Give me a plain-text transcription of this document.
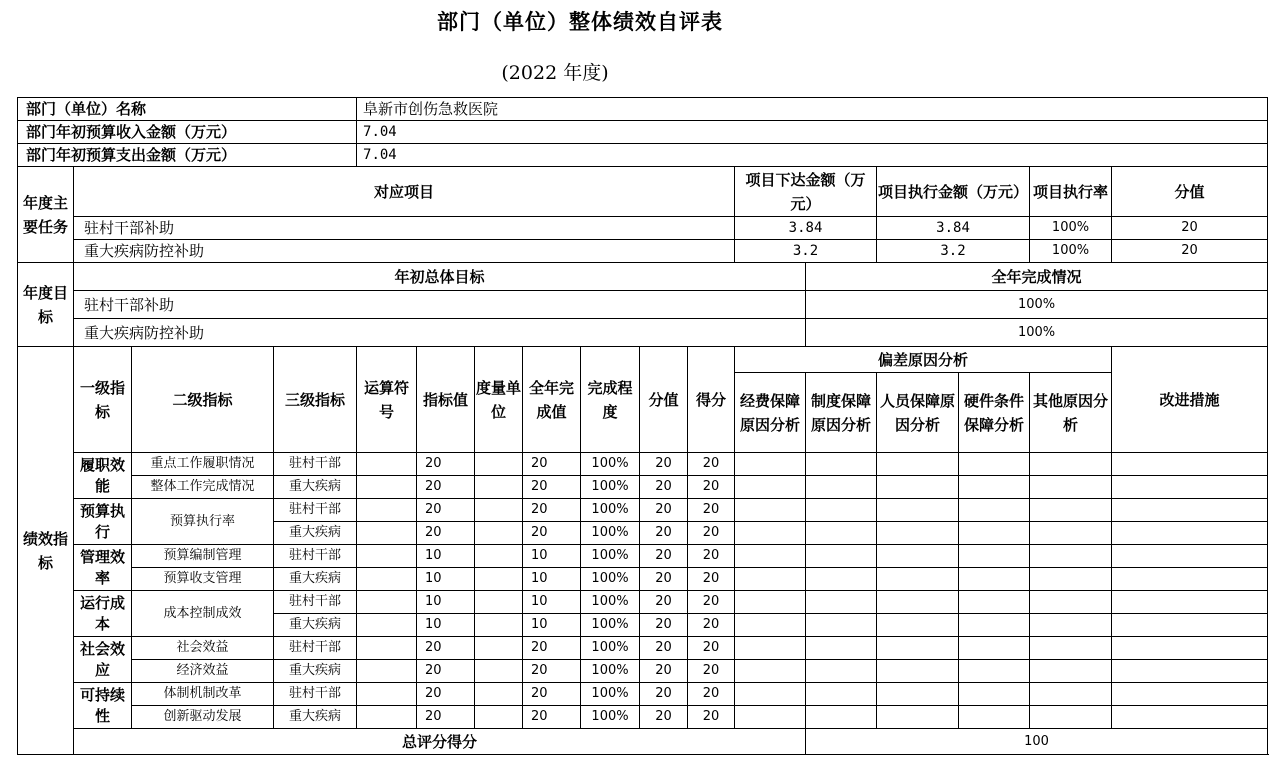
部门（单位）整体绩效自评表
(2022 年度)
部门（单位）名称				阜新市创伤急救医院													
部门年初预算收入金额（万元）				7.04													
部门年初预算支出金额（万元）				7.04													
年度主要任务	对应项目										项目下达金额（万元）		项目执行金额（万元）		项目执行率	分值	
	驻村干部补助										3.84		3.84		100%	20	
	重大疾病防控补助										3.2		3.2		100%	20	
年度目标	年初总体目标											全年完成情况					
	驻村干部补助											100%					
	重大疾病防控补助											100%					
绩效指标	一级指标	二级指标	三级指标	运算符号	指标值	度量单位	全年完成值	完成程度	分值	得分	偏差原因分析					改进措施	
											经费保障原因分析	制度保障原因分析	人员保障原因分析	硬件条件保障分析	其他原因分析		
	履职效能	重点工作履职情况	驻村干部		20		20	100%	20	20							
		整体工作完成情况	重大疾病		20		20	100%	20	20							
	预算执行	预算执行率	驻村干部		20		20	100%	20	20							
			重大疾病		20		20	100%	20	20							
	管理效率	预算编制管理	驻村干部		10		10	100%	20	20							
		预算收支管理	重大疾病		10		10	100%	20	20							
	运行成本	成本控制成效	驻村干部		10		10	100%	20	20							
			重大疾病		10		10	100%	20	20							
	社会效应	社会效益	驻村干部		20		20	100%	20	20							
		经济效益	重大疾病		20		20	100%	20	20							
	可持续性	体制机制改革	驻村干部		20		20	100%	20	20							
		创新驱动发展	重大疾病		20		20	100%	20	20							
	总评分得分											100					
